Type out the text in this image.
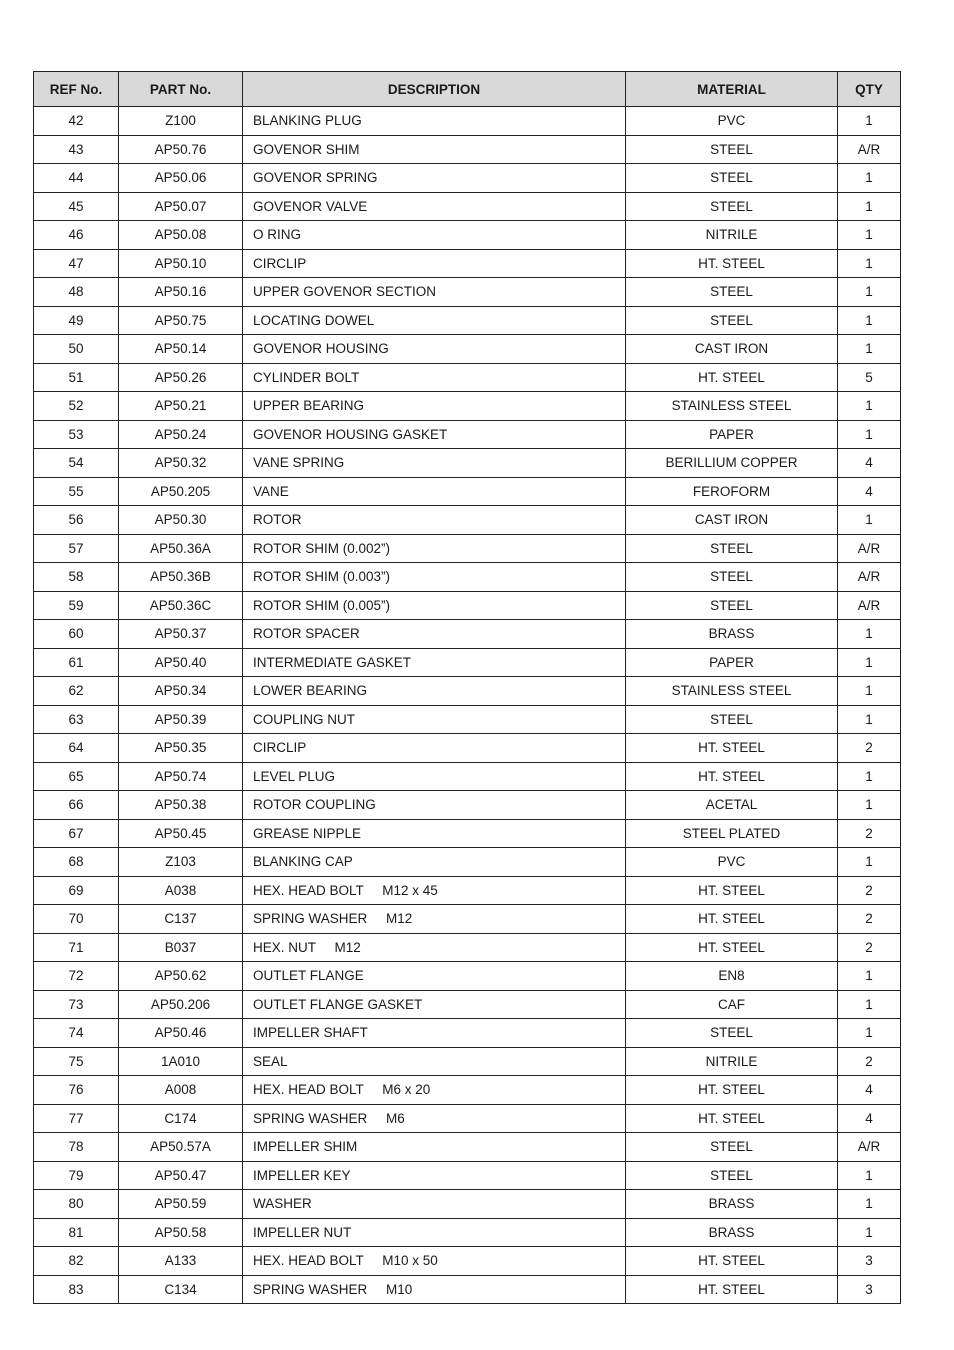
REF No.	PART No.	DESCRIPTION	MATERIAL	QTY
42	Z100	BLANKING PLUG	PVC	1
43	AP50.76	GOVENOR SHIM	STEEL	A/R
44	AP50.06	GOVENOR SPRING	STEEL	1
45	AP50.07	GOVENOR VALVE	STEEL	1
46	AP50.08	O RING	NITRILE	1
47	AP50.10	CIRCLIP	HT. STEEL	1
48	AP50.16	UPPER GOVENOR SECTION	STEEL	1
49	AP50.75	LOCATING DOWEL	STEEL	1
50	AP50.14	GOVENOR HOUSING	CAST IRON	1
51	AP50.26	CYLINDER BOLT	HT. STEEL	5
52	AP50.21	UPPER BEARING	STAINLESS STEEL	1
53	AP50.24	GOVENOR HOUSING GASKET	PAPER	1
54	AP50.32	VANE SPRING	BERILLIUM COPPER	4
55	AP50.205	VANE	FEROFORM	4
56	AP50.30	ROTOR	CAST IRON	1
57	AP50.36A	ROTOR SHIM (0.002”)	STEEL	A/R
58	AP50.36B	ROTOR SHIM (0.003”)	STEEL	A/R
59	AP50.36C	ROTOR SHIM (0.005”)	STEEL	A/R
60	AP50.37	ROTOR SPACER	BRASS	1
61	AP50.40	INTERMEDIATE GASKET	PAPER	1
62	AP50.34	LOWER BEARING	STAINLESS STEEL	1
63	AP50.39	COUPLING NUT	STEEL	1
64	AP50.35	CIRCLIP	HT. STEEL	2
65	AP50.74	LEVEL PLUG	HT. STEEL	1
66	AP50.38	ROTOR COUPLING	ACETAL	1
67	AP50.45	GREASE NIPPLE	STEEL PLATED	2
68	Z103	BLANKING CAP	PVC	1
69	A038	HEX. HEAD BOLT     M12 x 45	HT. STEEL	2
70	C137	SPRING WASHER     M12	HT. STEEL	2
71	B037	HEX. NUT     M12	HT. STEEL	2
72	AP50.62	OUTLET FLANGE	EN8	1
73	AP50.206	OUTLET FLANGE GASKET	CAF	1
74	AP50.46	IMPELLER SHAFT	STEEL	1
75	1A010	SEAL	NITRILE	2
76	A008	HEX. HEAD BOLT     M6 x 20	HT. STEEL	4
77	C174	SPRING WASHER     M6	HT. STEEL	4
78	AP50.57A	IMPELLER SHIM	STEEL	A/R
79	AP50.47	IMPELLER KEY	STEEL	1
80	AP50.59	WASHER	BRASS	1
81	AP50.58	IMPELLER NUT	BRASS	1
82	A133	HEX. HEAD BOLT     M10 x 50	HT. STEEL	3
83	C134	SPRING WASHER     M10	HT. STEEL	3
